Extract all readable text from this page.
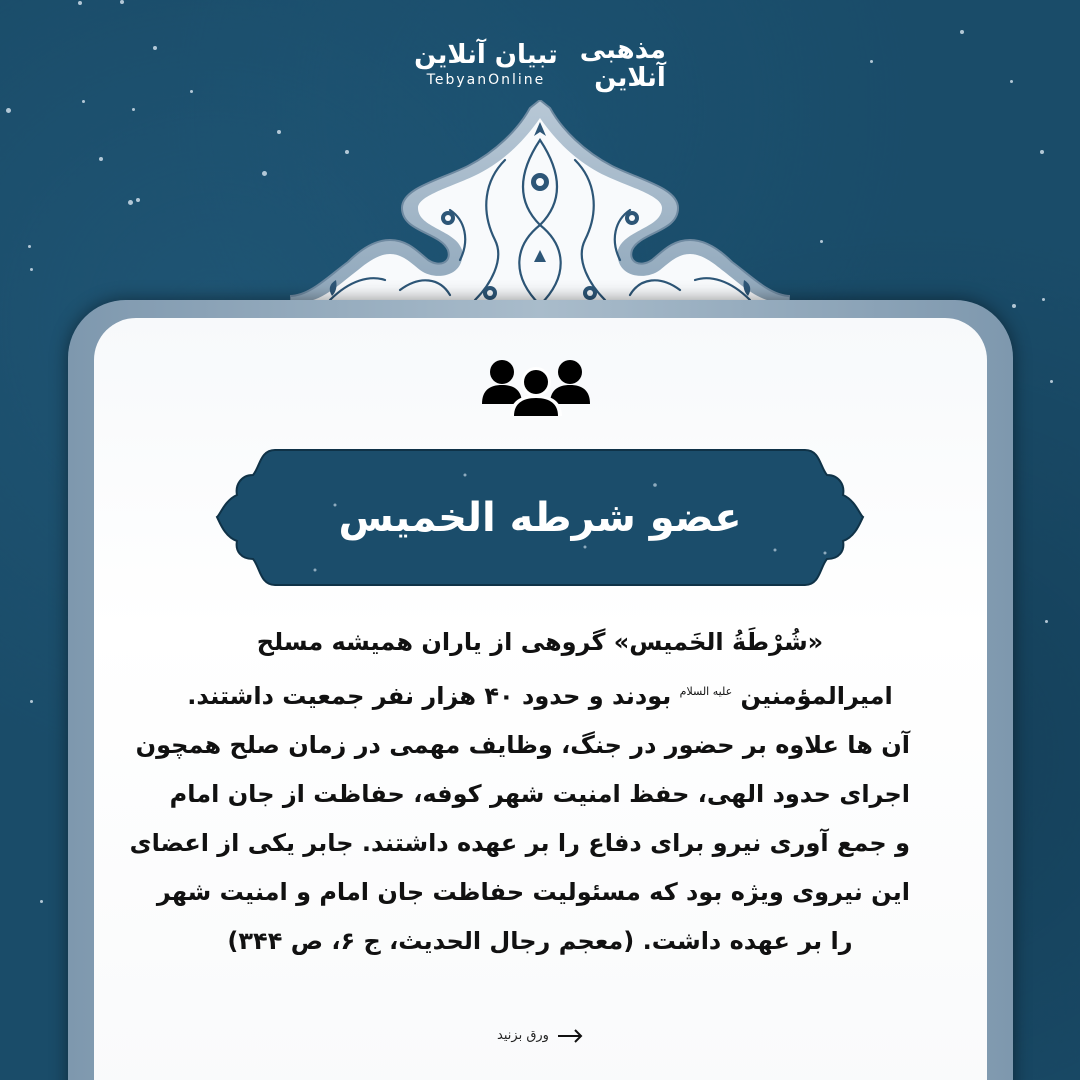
تبیان آنلاین
TebyanOnline
مذهبی
آنلاین
عضو شرطه الخمیس
«شُرْطَةُ الخَمیس» گروهی از یاران همیشه مسلح
امیرالمؤمنین $^{علیه السلام}$ بودند و حدود ۴۰ هزار نفر جمعیت داشتند.
آن ها علاوه بر حضور در جنگ، وظایف مهمی در زمان صلح همچون
اجرای حدود الهی، حفظ امنیت شهر کوفه، حفاظت از جان امام
و جمع آوری نیرو برای دفاع را بر عهده داشتند. جابر یکی از اعضای
این نیروی ویژه بود که مسئولیت حفاظت جان امام و امنیت شهر
را بر عهده داشت. (معجم رجال الحدیث، ج ۶، ص ۳۴۴)
ورق بزنید
